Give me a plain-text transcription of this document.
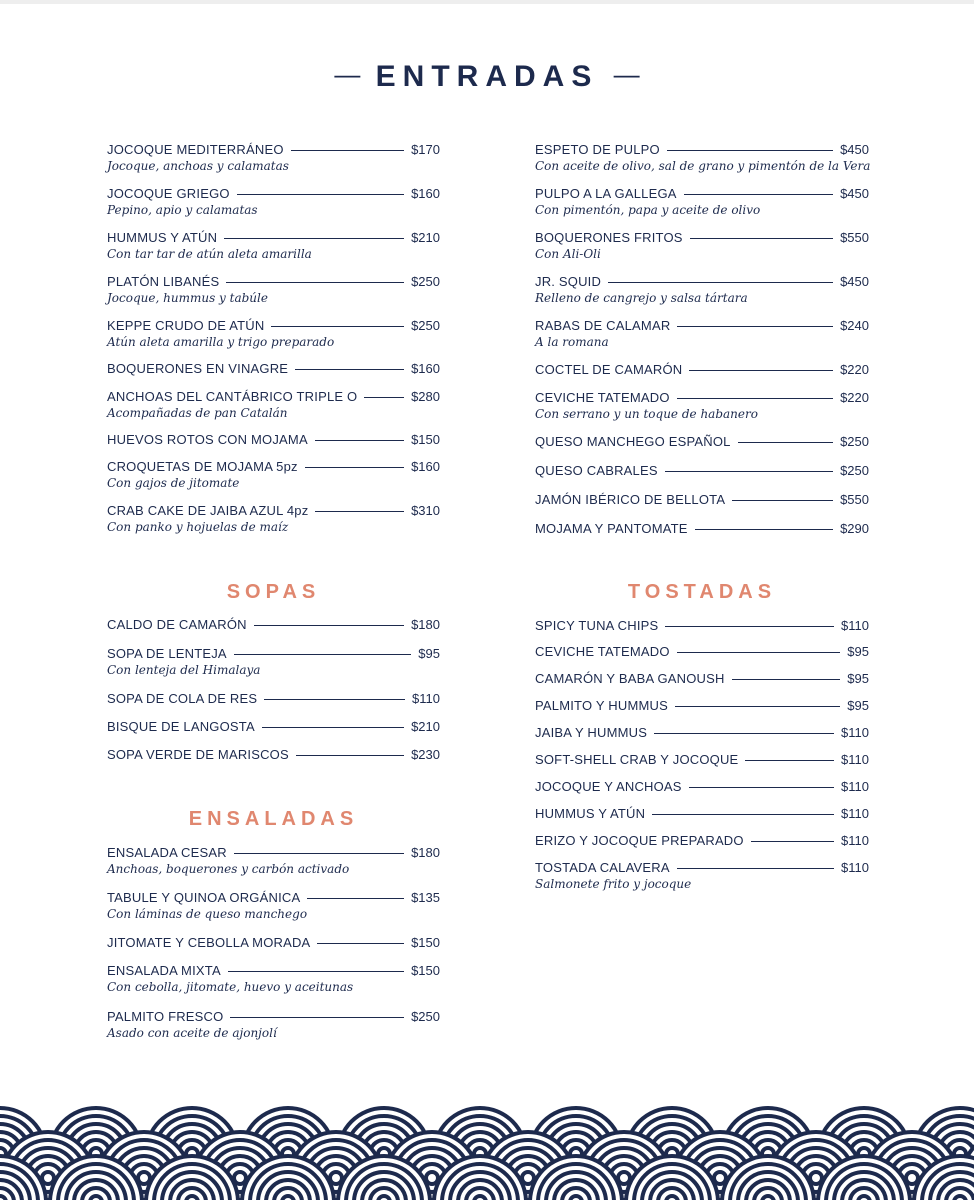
— ENTRADAS —
JOCOQUE MEDITERRÁNEO	$170
Jocoque, anchoas y calamatas
JOCOQUE GRIEGO	$160
Pepino, apio y calamatas
HUMMUS Y ATÚN	$210
Con tar tar de atún aleta amarilla
PLATÓN LIBANÉS	$250
Jocoque, hummus y tabúle
KEPPE CRUDO DE ATÚN	$250
Atún aleta amarilla y trigo preparado
BOQUERONES EN VINAGRE	$160
ANCHOAS DEL CANTÁBRICO TRIPLE O	$280
Acompañadas de pan Catalán
HUEVOS ROTOS CON MOJAMA	$150
CROQUETAS DE MOJAMA 5pz	$160
Con gajos de jitomate
CRAB CAKE DE JAIBA AZUL 4pz	$310
Con panko y hojuelas de maíz
ESPETO DE PULPO	$450
Con aceite de olivo, sal de grano y pimentón de la Vera
PULPO A LA GALLEGA	$450
Con pimentón, papa y aceite de olivo
BOQUERONES FRITOS	$550
Con Ali-Oli
JR. SQUID	$450
Relleno de cangrejo y salsa tártara
RABAS DE CALAMAR	$240
A la romana
COCTEL DE CAMARÓN	$220
CEVICHE TATEMADO	$220
Con serrano y un toque de habanero
QUESO MANCHEGO ESPAÑOL	$250
QUESO CABRALES	$250
JAMÓN IBÉRICO DE BELLOTA	$550
MOJAMA Y PANTOMATE	$290
SOPAS
CALDO DE CAMARÓN	$180
SOPA DE LENTEJA	$95
Con lenteja del Himalaya
SOPA DE COLA DE RES	$110
BISQUE DE LANGOSTA	$210
SOPA VERDE DE MARISCOS	$230
ENSALADAS
ENSALADA CESAR	$180
Anchoas, boquerones y carbón activado
TABULE Y QUINOA ORGÁNICA	$135
Con láminas de queso manchego
JITOMATE Y CEBOLLA MORADA	$150
ENSALADA MIXTA	$150
Con cebolla, jitomate, huevo y aceitunas
PALMITO FRESCO	$250
Asado con aceite de ajonjolí
TOSTADAS
SPICY TUNA CHIPS	$110
CEVICHE TATEMADO	$95
CAMARÓN Y BABA GANOUSH	$95
PALMITO Y HUMMUS	$95
JAIBA Y HUMMUS	$110
SOFT-SHELL CRAB Y JOCOQUE	$110
JOCOQUE Y ANCHOAS	$110
HUMMUS Y ATÚN	$110
ERIZO Y JOCOQUE PREPARADO	$110
TOSTADA CALAVERA	$110
Salmonete frito y jocoque
